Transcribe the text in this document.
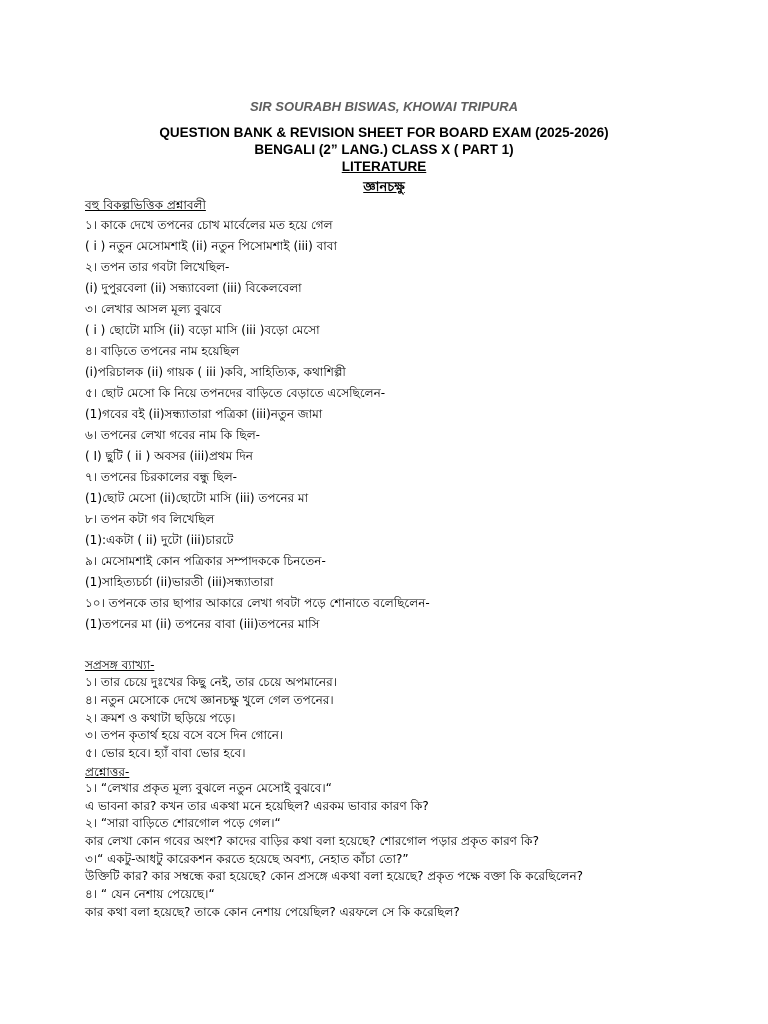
SIR SOURABH BISWAS, KHOWAI TRIPURA
QUESTION BANK & REVISION SHEET FOR BOARD EXAM (2025-2026)
BENGALI (2” LANG.) CLASS X ( PART 1)
LITERATURE
জ্ঞানচক্ষু
বহু বিকল্পভিত্তিক প্রশ্নাবলী
১। কাকে দেখে তপনের চোখ মার্বেলের মত হয়ে গেল
( i ) নতুন মেসোমশাই (ii) নতুন পিসোমশাই (iii) বাবা
২। তপন তার গবটা লিখেছিল-
(i) দুপুরবেলা (ii) সন্ধ্যাবেলা (iii) বিকেলবেলা
৩। লেখার আসল মূল্য বুঝবে
( i ) ছোটো মাসি (ii) বড়ো মাসি (iii )বড়ো মেসো
৪। বাড়িতে তপনের নাম হয়েছিল
(i)পরিচালক (ii) গায়ক ( iii )কবি, সাহিত্যিক, কথাশিল্পী
৫। ছোট মেসো কি নিয়ে তপনদের বাড়িতে বেড়াতে এসেছিলেন-
(1)গবের বই (ii)সন্ধ্যাতারা পত্রিকা (iii)নতুন জামা
৬। তপনের লেখা গবের নাম কি ছিল-
( I) ছুটি ( ii ) অবসর (iii)প্রথম দিন
৭। তপনের চিরকালের বন্ধু ছিল-
(1)ছোট মেসো (ii)ছোটো মাসি (iii) তপনের মা
৮। তপন কটা গব লিখেছিল
(1):একটা ( ii) দুটো (iii)চারটে
৯। মেসোমশাই কোন পত্রিকার সম্পাদককে চিনতেন-
(1)সাহিত্যচর্চা (ii)ভারতী (iii)সন্ধ্যাতারা
১০। তপনকে তার ছাপার আকারে লেখা গবটা পড়ে শোনাতে বলেছিলেন-
(1)তপনের মা (ii) তপনের বাবা (iii)তপনের মাসি
সপ্রসঙ্গ ব্যাখ্যা-
১। তার চেয়ে দুঃখের কিছু নেই, তার চেয়ে অপমানের।
৪। নতুন মেসোকে দেখে জ্ঞানচক্ষু খুলে গেল তপনের।
২। ক্রমশ ও কথাটা ছড়িয়ে পড়ে।
৩। তপন কৃতার্থ হয়ে বসে বসে দিন গোনে।
৫। ভোর হবে। হ্যাঁ বাবা ভোর হবে।
প্রশ্নোত্তর-
১। “লেখার প্রকৃত মূল্য বুঝলে নতুন মেসোই বুঝবে।“
এ ভাবনা কার? কখন তার একথা মনে হয়েছিল? এরকম ভাবার কারণ কি?
২। “সারা বাড়িতে শোরগোল পড়ে গেল।“
কার লেখা কোন গবের অংশ? কাদের বাড়ির কথা বলা হয়েছে? শোরগোল পড়ার প্রকৃত কারণ কি?
৩।“ একটু-আধটু কারেকশন করতে হয়েছে অবশ্য, নেহাত কাঁচা তো?”
উক্তিটি কার? কার সম্বন্ধে করা হয়েছে? কোন প্রসঙ্গে একথা বলা হয়েছে? প্রকৃত পক্ষে বক্তা কি করেছিলেন?
৪। “ যেন নেশায় পেয়েছে।“
কার কথা বলা হয়েছে? তাকে কোন নেশায় পেয়েছিল? এরফলে সে কি করেছিল?
